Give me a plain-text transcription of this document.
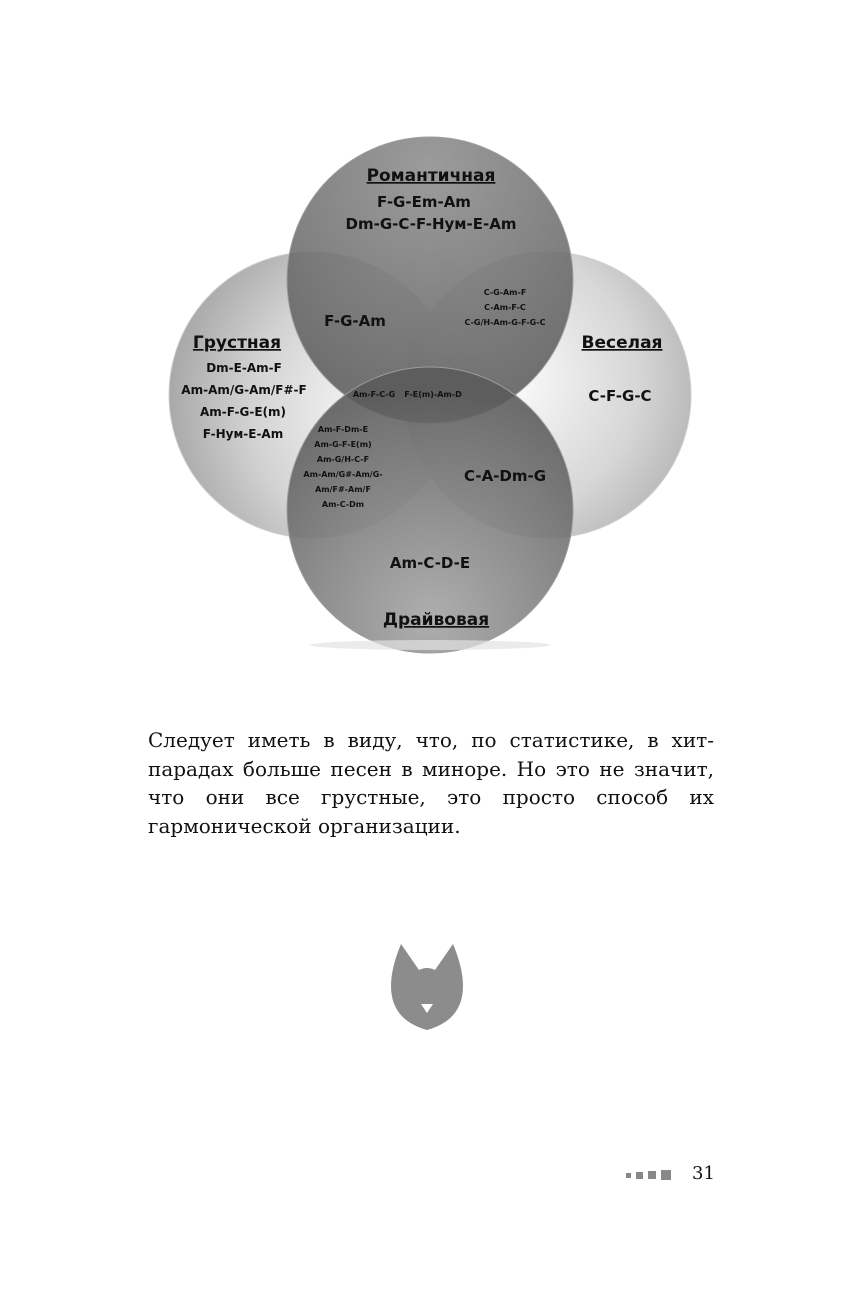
Романтичная
F-G-Em-Am
Dm-G-C-F-Нум-E-Am
Грустная
Dm-E-Am-F
Am-Am/G-Am/F#-F
Am-F-G-E(m)
F-Нум-E-Am
Веселая
C-F-G-C
Am-C-D-E
Драйвовая
F-G-Am
C-G-Am-F
C-Am-F-C
C-G/H-Am-G-F-G-C
Am-F-C-G F-E(m)-Am-D
Am-F-Dm-E
Am-G-F-E(m)
Am-G/H-C-F
Am-Am/G#-Am/G-
Am/F#-Am/F
Am-C-Dm
C-A-Dm-G

Следует иметь в виду, что, по статистике, в хит-парадах больше песен в миноре. Но это не значит, что они все грустные, это просто способ их гармонической организации.

31
